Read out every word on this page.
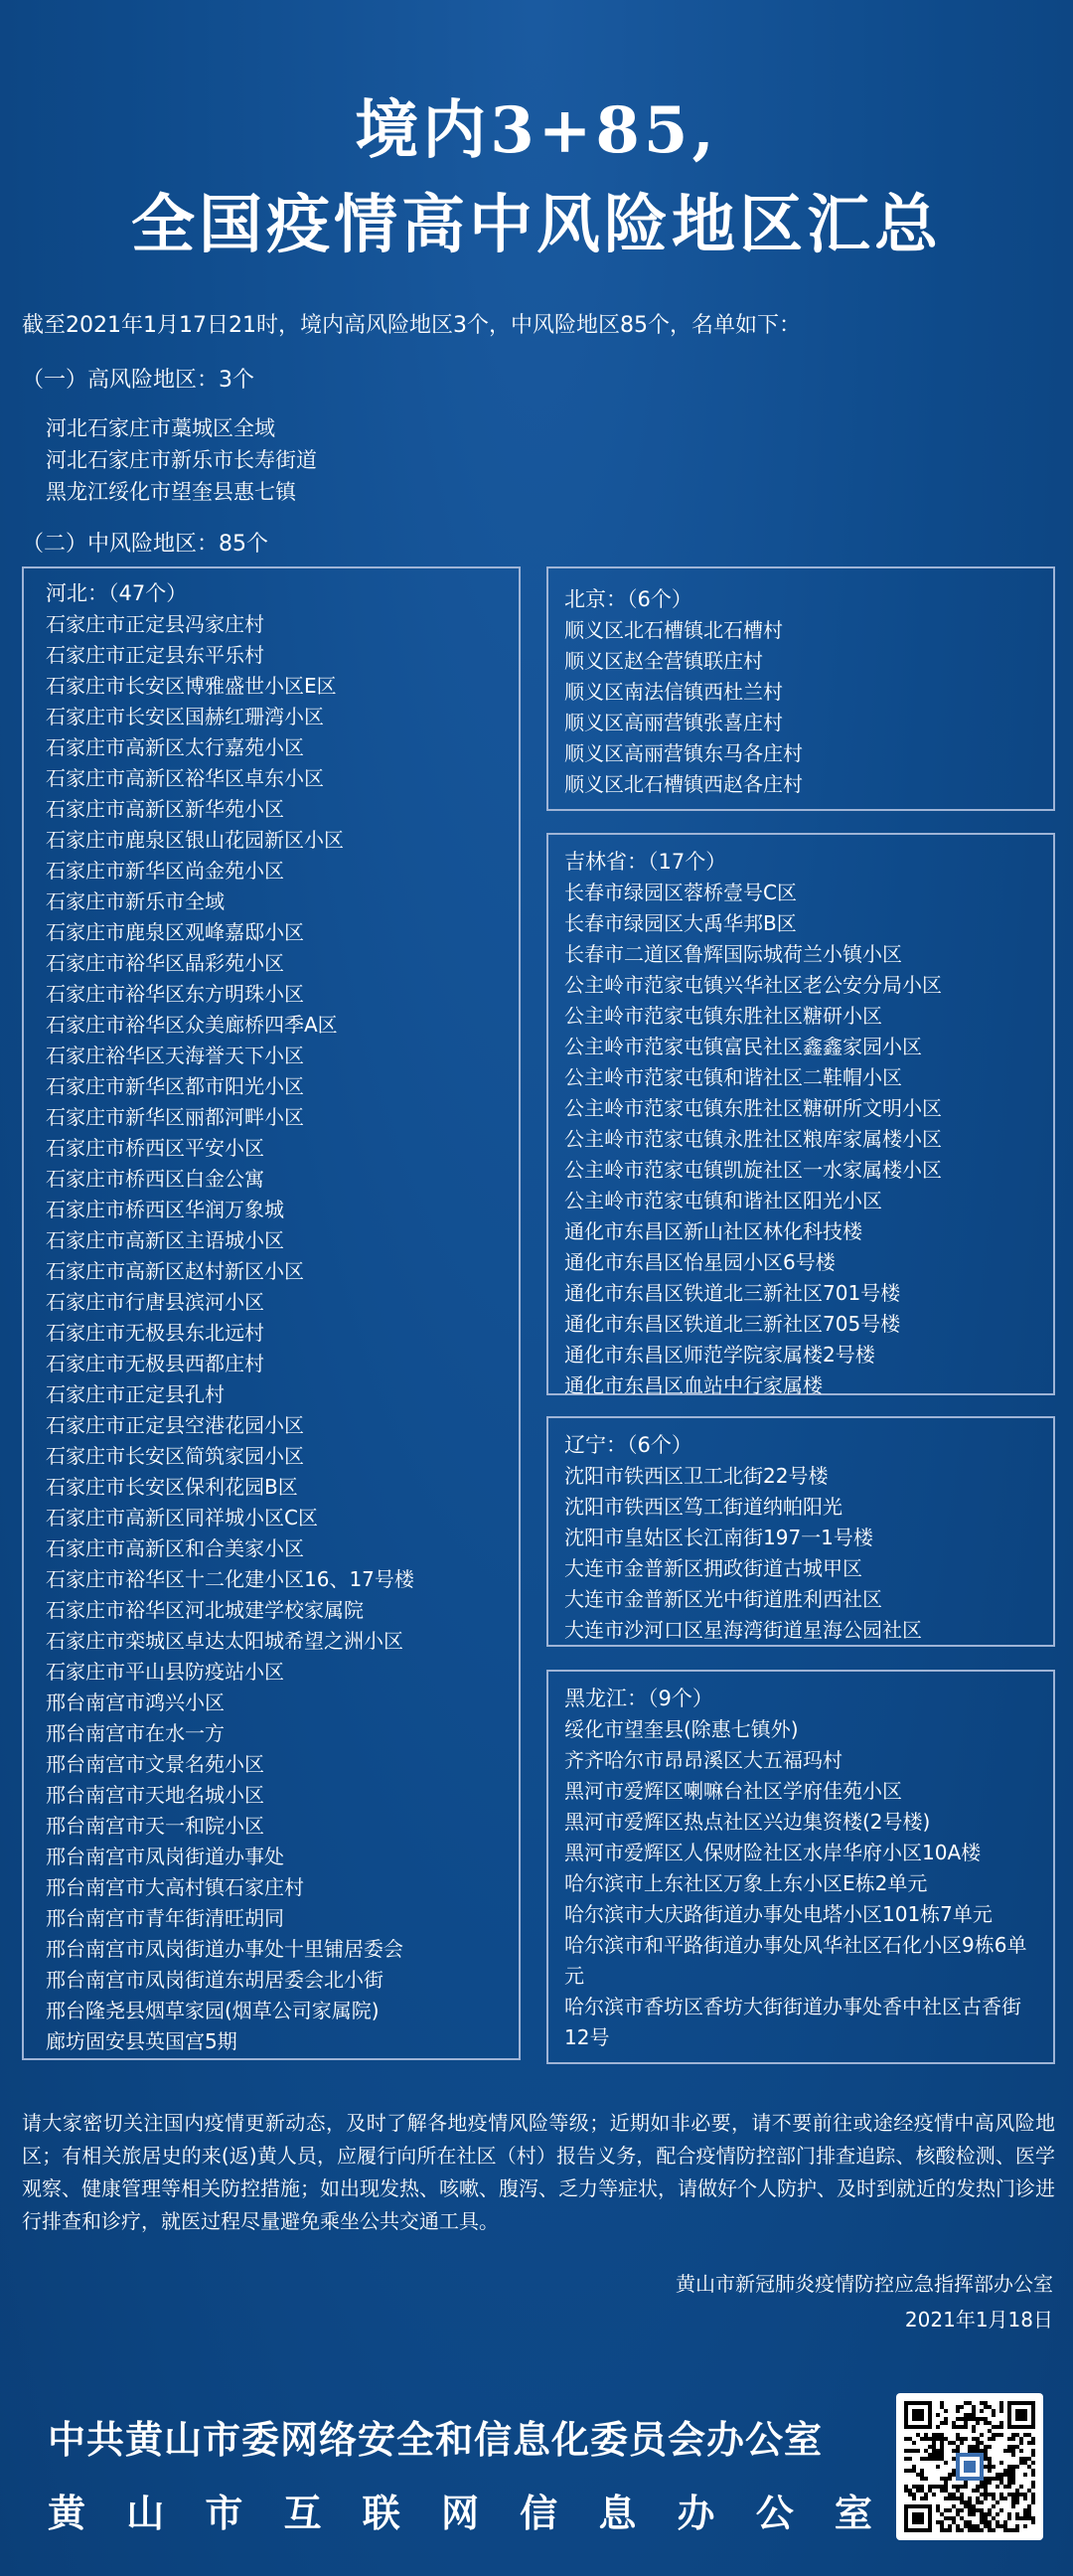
境内3+85,
全国疫情高中风险地区汇总
截至2021年1月17日21时，境内高风险地区3个，中风险地区85个，名单如下：
（一）高风险地区：3个
河北石家庄市藁城区全域
河北石家庄市新乐市长寿街道
黑龙江绥化市望奎县惠七镇
（二）中风险地区：85个
河北：（47个）
石家庄市正定县冯家庄村
石家庄市正定县东平乐村
石家庄市长安区博雅盛世小区E区
石家庄市长安区国赫红珊湾小区
石家庄市高新区太行嘉苑小区
石家庄市高新区裕华区卓东小区
石家庄市高新区新华苑小区
石家庄市鹿泉区银山花园新区小区
石家庄市新华区尚金苑小区
石家庄市新乐市全域
石家庄市鹿泉区观峰嘉邸小区
石家庄市裕华区晶彩苑小区
石家庄市裕华区东方明珠小区
石家庄市裕华区众美廊桥四季A区
石家庄裕华区天海誉天下小区
石家庄市新华区都市阳光小区
石家庄市新华区丽都河畔小区
石家庄市桥西区平安小区
石家庄市桥西区白金公寓
石家庄市桥西区华润万象城
石家庄市高新区主语城小区
石家庄市高新区赵村新区小区
石家庄市行唐县滨河小区
石家庄市无极县东北远村
石家庄市无极县西都庄村
石家庄市正定县孔村
石家庄市正定县空港花园小区
石家庄市长安区简筑家园小区
石家庄市长安区保利花园B区
石家庄市高新区同祥城小区C区
石家庄市高新区和合美家小区
石家庄市裕华区十二化建小区16、17号楼
石家庄市裕华区河北城建学校家属院
石家庄市栾城区卓达太阳城希望之洲小区
石家庄市平山县防疫站小区
邢台南宫市鸿兴小区
邢台南宫市在水一方
邢台南宫市文景名苑小区
邢台南宫市天地名城小区
邢台南宫市天一和院小区
邢台南宫市凤岗街道办事处
邢台南宫市大高村镇石家庄村
邢台南宫市青年街清旺胡同
邢台南宫市凤岗街道办事处十里铺居委会
邢台南宫市凤岗街道东胡居委会北小街
邢台隆尧县烟草家园(烟草公司家属院)
廊坊固安县英国宫5期
北京：（6个）
顺义区北石槽镇北石槽村
顺义区赵全营镇联庄村
顺义区南法信镇西杜兰村
顺义区高丽营镇张喜庄村
顺义区高丽营镇东马各庄村
顺义区北石槽镇西赵各庄村
吉林省：（17个）
长春市绿园区蓉桥壹号C区
长春市绿园区大禹华邦B区
长春市二道区鲁辉国际城荷兰小镇小区
公主岭市范家屯镇兴华社区老公安分局小区
公主岭市范家屯镇东胜社区糖研小区
公主岭市范家屯镇富民社区鑫鑫家园小区
公主岭市范家屯镇和谐社区二鞋帽小区
公主岭市范家屯镇东胜社区糖研所文明小区
公主岭市范家屯镇永胜社区粮库家属楼小区
公主岭市范家屯镇凯旋社区一水家属楼小区
公主岭市范家屯镇和谐社区阳光小区
通化市东昌区新山社区林化科技楼
通化市东昌区怡星园小区6号楼
通化市东昌区铁道北三新社区701号楼
通化市东昌区铁道北三新社区705号楼
通化市东昌区师范学院家属楼2号楼
通化市东昌区血站中行家属楼
辽宁：（6个）
沈阳市铁西区卫工北街22号楼
沈阳市铁西区笃工街道纳帕阳光
沈阳市皇姑区长江南街197一1号楼
大连市金普新区拥政街道古城甲区
大连市金普新区光中街道胜利西社区
大连市沙河口区星海湾街道星海公园社区
黑龙江：（9个）
绥化市望奎县(除惠七镇外)
齐齐哈尔市昂昂溪区大五福玛村
黑河市爱辉区喇嘛台社区学府佳苑小区
黑河市爱辉区热点社区兴边集资楼(2号楼)
黑河市爱辉区人保财险社区水岸华府小区10A楼
哈尔滨市上东社区万象上东小区E栋2单元
哈尔滨市大庆路街道办事处电塔小区101栋7单元
哈尔滨市和平路街道办事处风华社区石化小区9栋6单元
哈尔滨市香坊区香坊大街街道办事处香中社区古香街12号
请大家密切关注国内疫情更新动态，及时了解各地疫情风险等级；近期如非必要，请不要前往或途经疫情中高风险地区；有相关旅居史的来(返)黄人员，应履行向所在社区（村）报告义务，配合疫情防控部门排查追踪、核酸检测、医学观察、健康管理等相关防控措施；如出现发热、咳嗽、腹泻、乏力等症状，请做好个人防护、及时到就近的发热门诊进行排查和诊疗，就医过程尽量避免乘坐公共交通工具。
黄山市新冠肺炎疫情防控应急指挥部办公室
2021年1月18日
中共黄山市委网络安全和信息化委员会办公室
黄 山 市 互 联 网 信 息 办 公 室
